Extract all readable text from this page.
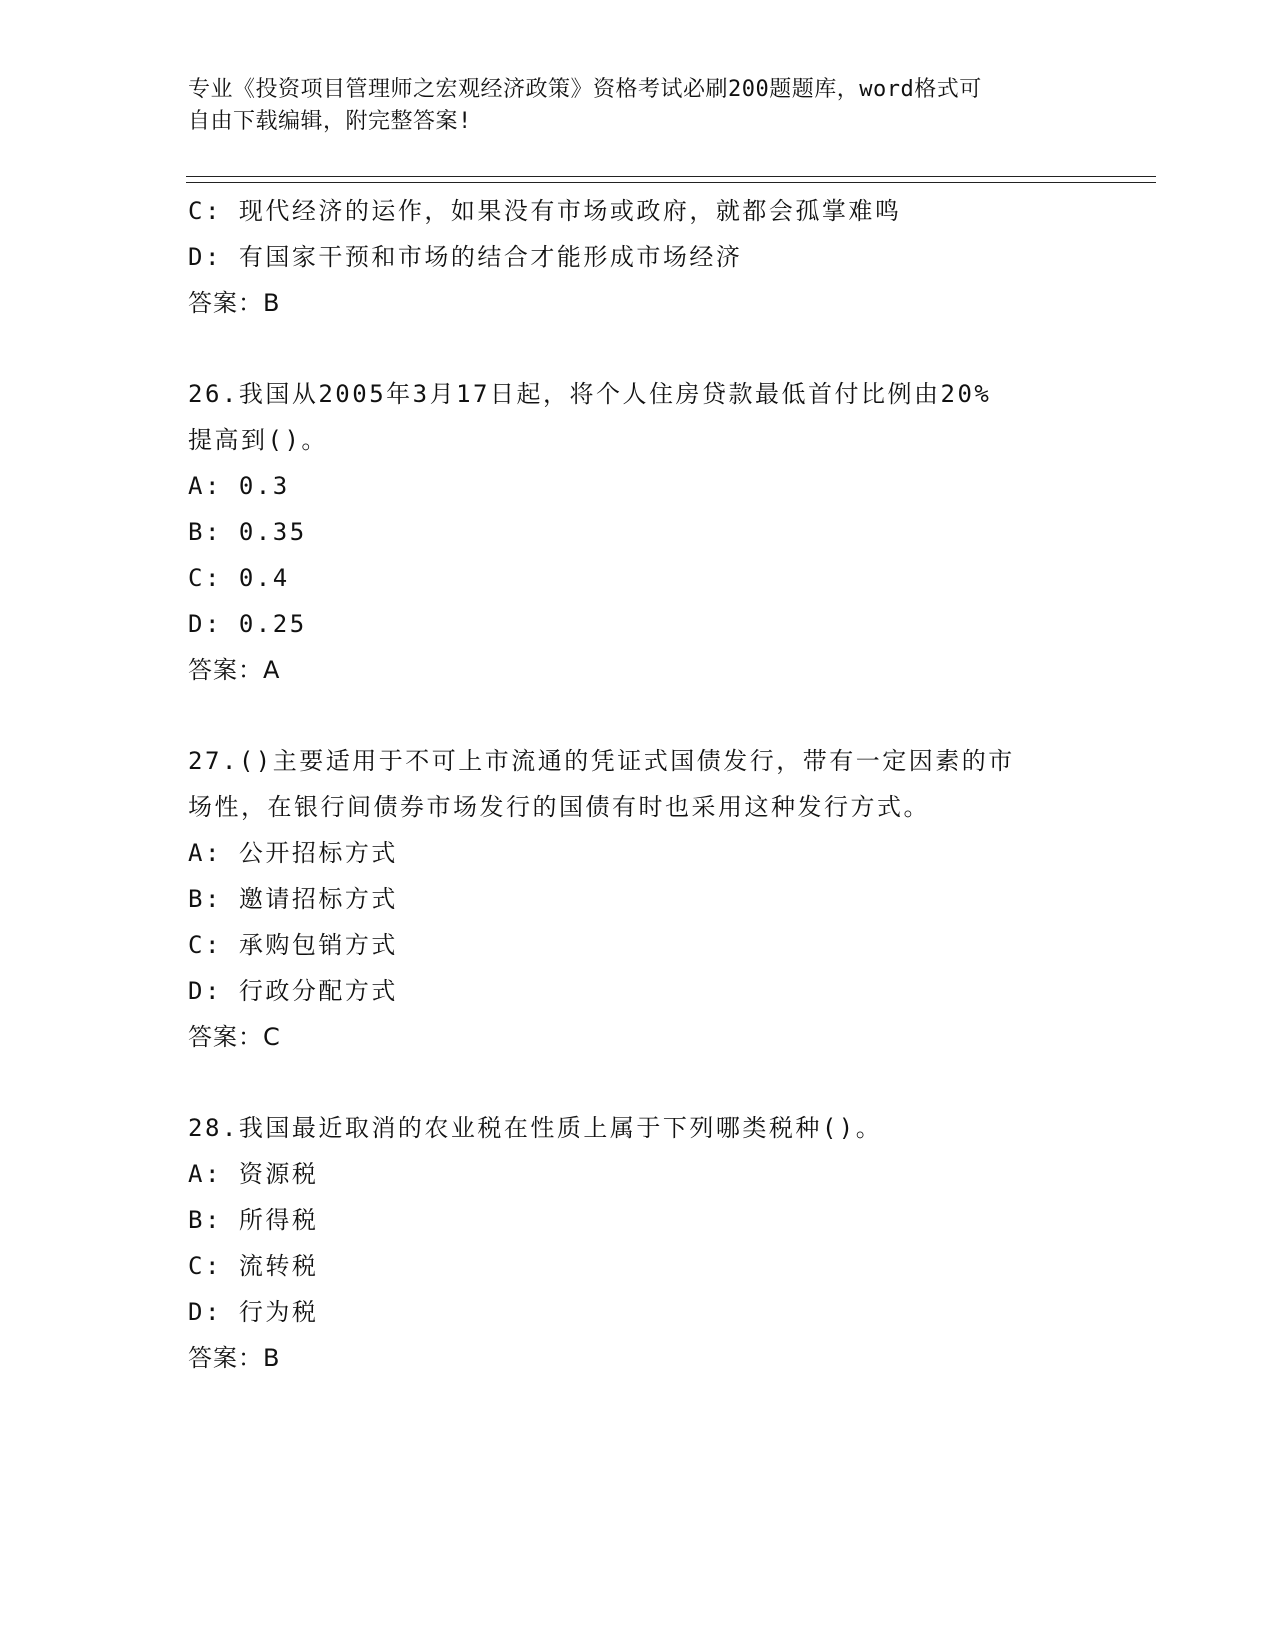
专业《投资项目管理师之宏观经济政策》资格考试必刷200题题库，word格式可
自由下载编辑，附完整答案!
C: 现代经济的运作，如果没有市场或政府，就都会孤掌难鸣
D: 有国家干预和市场的结合才能形成市场经济
答案：B
26.我国从2005年3月17日起，将个人住房贷款最低首付比例由20%
提高到()。
A: 0.3
B: 0.35
C: 0.4
D: 0.25
答案：A
27.()主要适用于不可上市流通的凭证式国债发行，带有一定因素的市
场性，在银行间债券市场发行的国债有时也采用这种发行方式。
A: 公开招标方式
B: 邀请招标方式
C: 承购包销方式
D: 行政分配方式
答案：C
28.我国最近取消的农业税在性质上属于下列哪类税种()。
A: 资源税
B: 所得税
C: 流转税
D: 行为税
答案：B
